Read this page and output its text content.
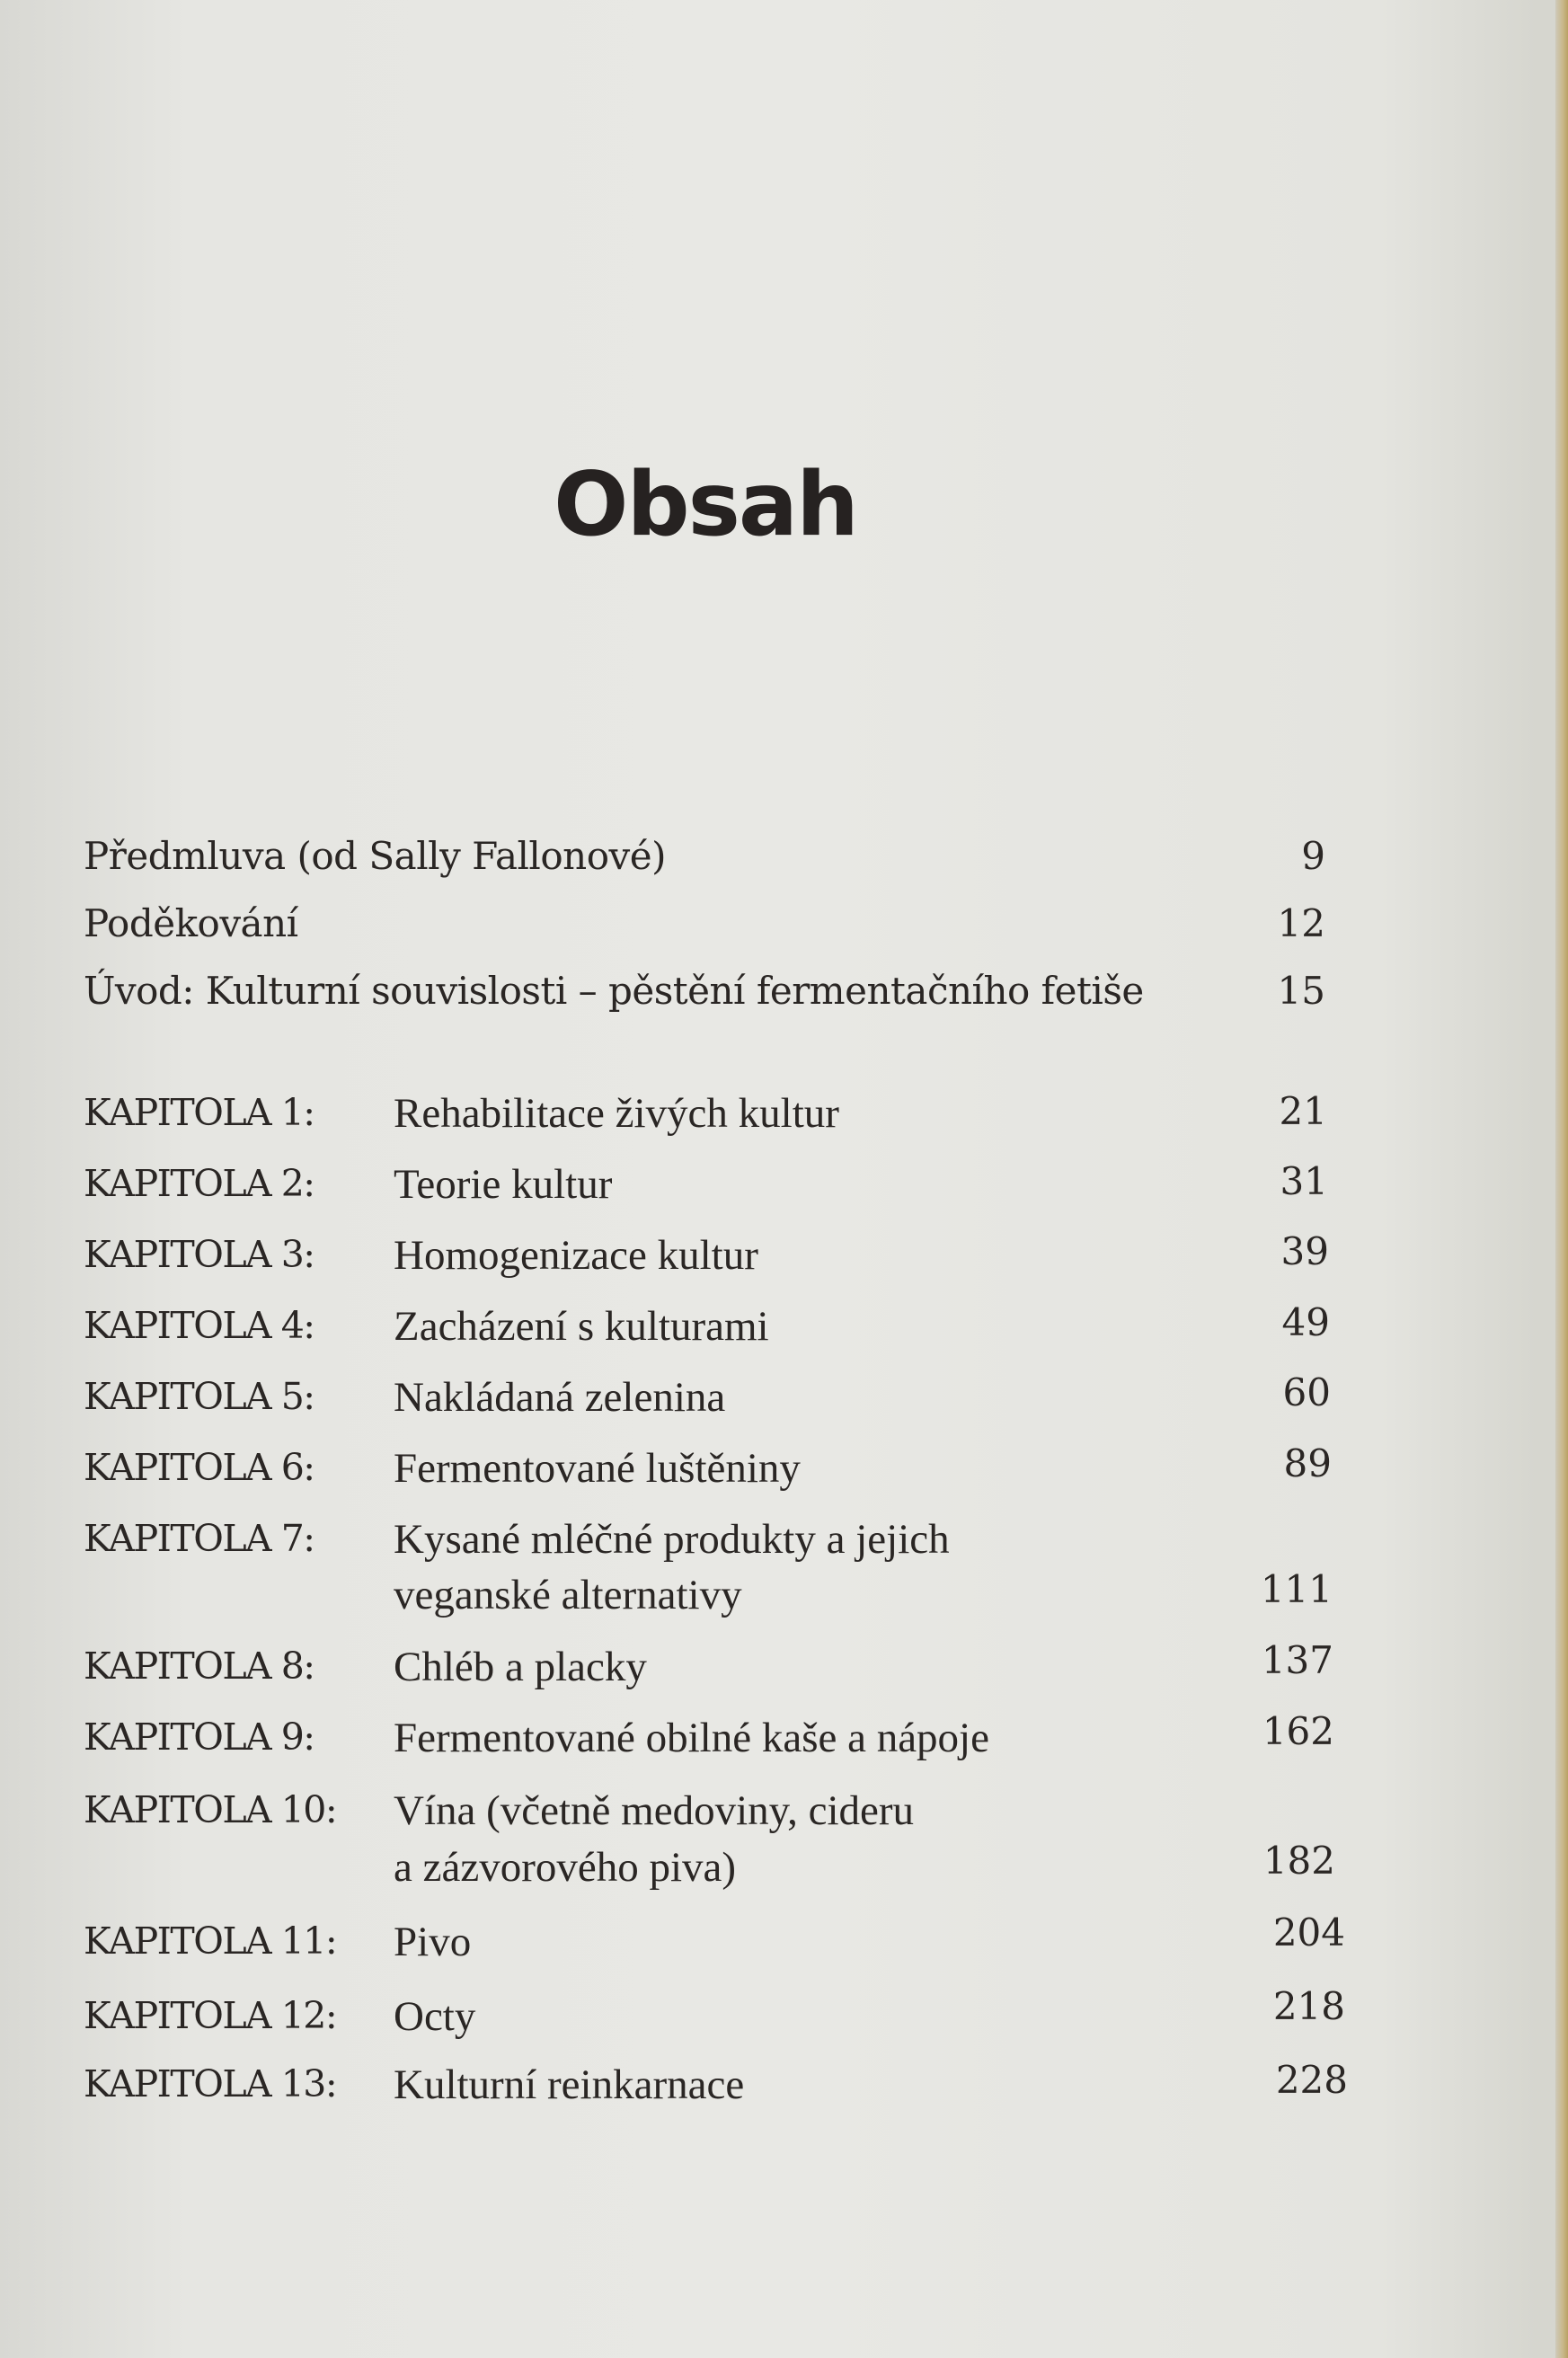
Obsah
Předmluva (od Sally Fallonové)	9
Poděkování	12
Úvod: Kulturní souvislosti – pěstění fermentačního fetiše	15
KAPITOLA 1: Rehabilitace živých kultur	21
KAPITOLA 2: Teorie kultur	31
KAPITOLA 3: Homogenizace kultur	39
KAPITOLA 4: Zacházení s kulturami	49
KAPITOLA 5: Nakládaná zelenina	60
KAPITOLA 6: Fermentované luštěniny	89
KAPITOLA 7: Kysané mléčné produkty a jejich
veganské alternativy	111
KAPITOLA 8: Chléb a placky	137
KAPITOLA 9: Fermentované obilné kaše a nápoje	162
KAPITOLA 10: Vína (včetně medoviny, cideru
a zázvorového piva)	182
KAPITOLA 11: Pivo	204
KAPITOLA 12: Octy	218
KAPITOLA 13: Kulturní reinkarnace	228
